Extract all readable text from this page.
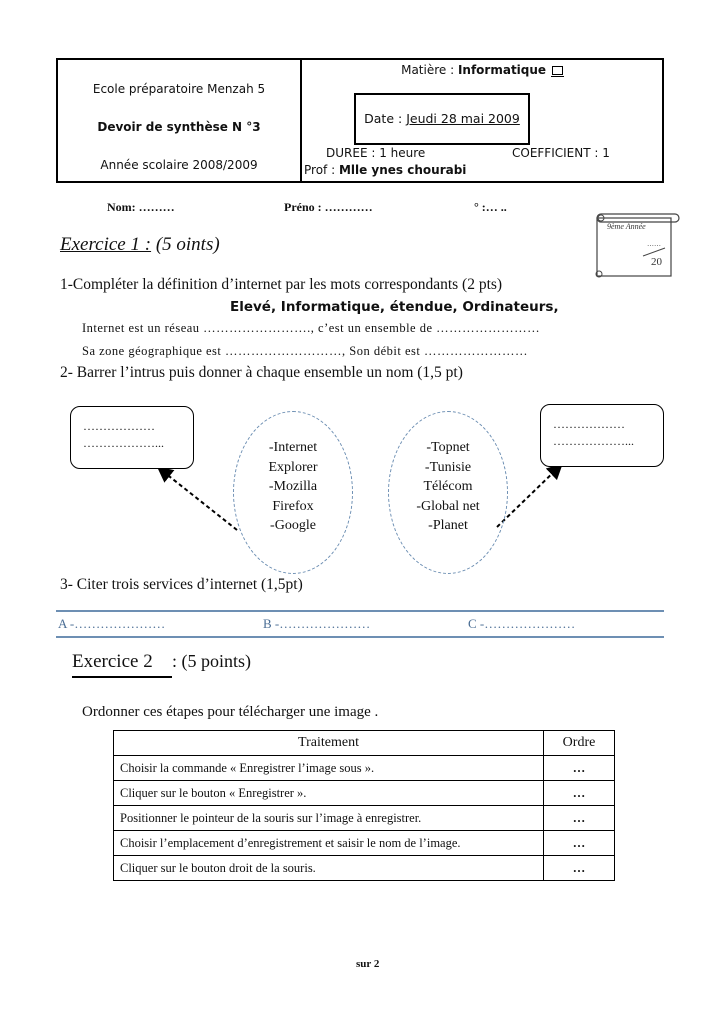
Ecole préparatoire Menzah 5
Devoir de synthèse N °3
Année scolaire 2008/2009
Matière : Informatique
Date : Jeudi 28 mai 2009
DUREE : 1 heure	COEFFICIENT : 1
Prof : Mlle ynes chourabi
Nom: ………	Préno : …………	° :… ..
9ème Année
……
20
Exercice 1 : (5 oints)
1-Compléter la définition d’internet par les mots correspondants (2 pts)
Elevé, Informatique, étendue, Ordinateurs,
Internet est un réseau ……………………., c’est un ensemble de ……………………
Sa zone géographique est ………………………, Son débit est ……………………
2- Barrer l’intrus puis donner à chaque ensemble un nom (1,5 pt)
………………
………………...
………………
………………...
-Internet
Explorer
-Mozilla
Firefox
-Google
-Topnet
-Tunisie
Télécom
-Global net
-Planet
3- Citer trois services d’internet (1,5pt)
A -…………………	B -…………………	C -…………………
Exercice 2: (5 points)
Ordonner ces étapes pour télécharger une image .
Traitement	Ordre
Choisir la commande « Enregistrer l’image sous ».	…
Cliquer sur le bouton « Enregistrer ».	…
Positionner le pointeur de la souris sur l’image à enregistrer.	…
Choisir l’emplacement d’enregistrement et saisir le nom de l’image.	…
Cliquer sur le bouton droit de la souris.	…
sur 2
